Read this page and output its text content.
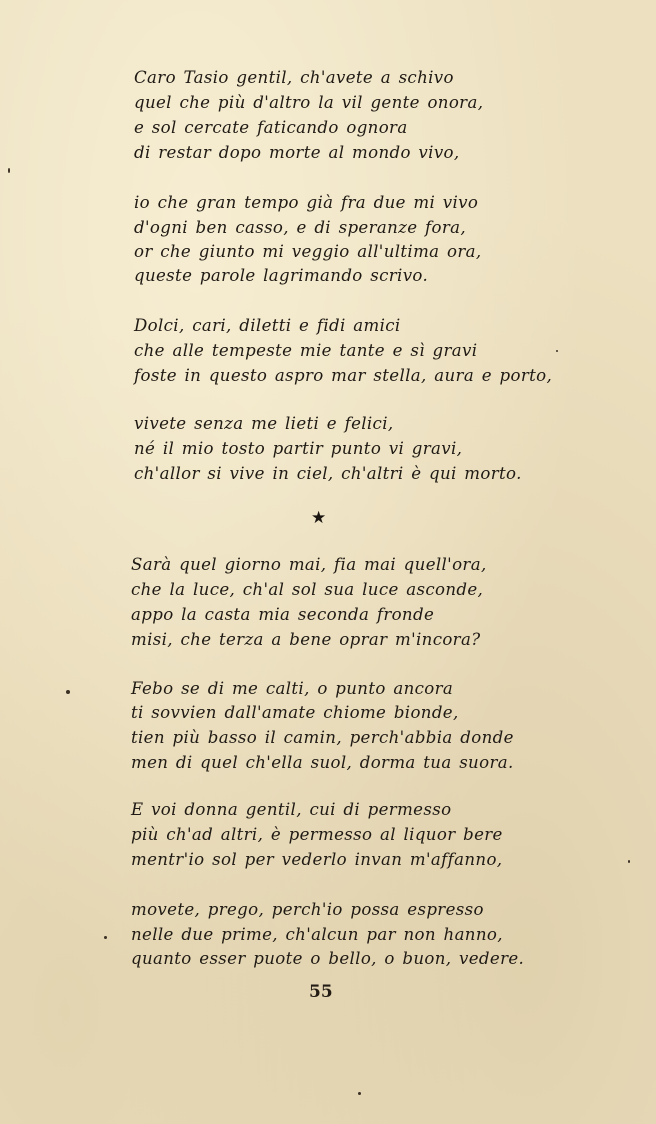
Caro Tasio gentil, ch'avete a schivo
quel che più d'altro la vil gente onora,
e sol cercate faticando ognora
di restar dopo morte al mondo vivo,
io che gran tempo già fra due mi vivo
d'ogni ben casso, e di speranze fora,
or che giunto mi veggio all'ultima ora,
queste parole lagrimando scrivo.
Dolci, cari, diletti e fidi amici
che alle tempeste mie tante e sì gravi
foste in questo aspro mar stella, aura e porto,
vivete senza me lieti e felici,
né il mio tosto partir punto vi gravi,
ch'allor si vive in ciel, ch'altri è qui morto.
★
Sarà quel giorno mai, fia mai quell'ora,
che la luce, ch'al sol sua luce asconde,
appo la casta mia seconda fronde
misi, che terza a bene oprar m'incora?
Febo se di me calti, o punto ancora
ti sovvien dall'amate chiome bionde,
tien più basso il camin, perch'abbia donde
men di quel ch'ella suol, dorma tua suora.
E voi donna gentil, cui di permesso
più ch'ad altri, è permesso al liquor bere
mentr'io sol per vederlo invan m'affanno,
movete, prego, perch'io possa espresso
nelle due prime, ch'alcun par non hanno,
quanto esser puote o bello, o buon, vedere.
55
